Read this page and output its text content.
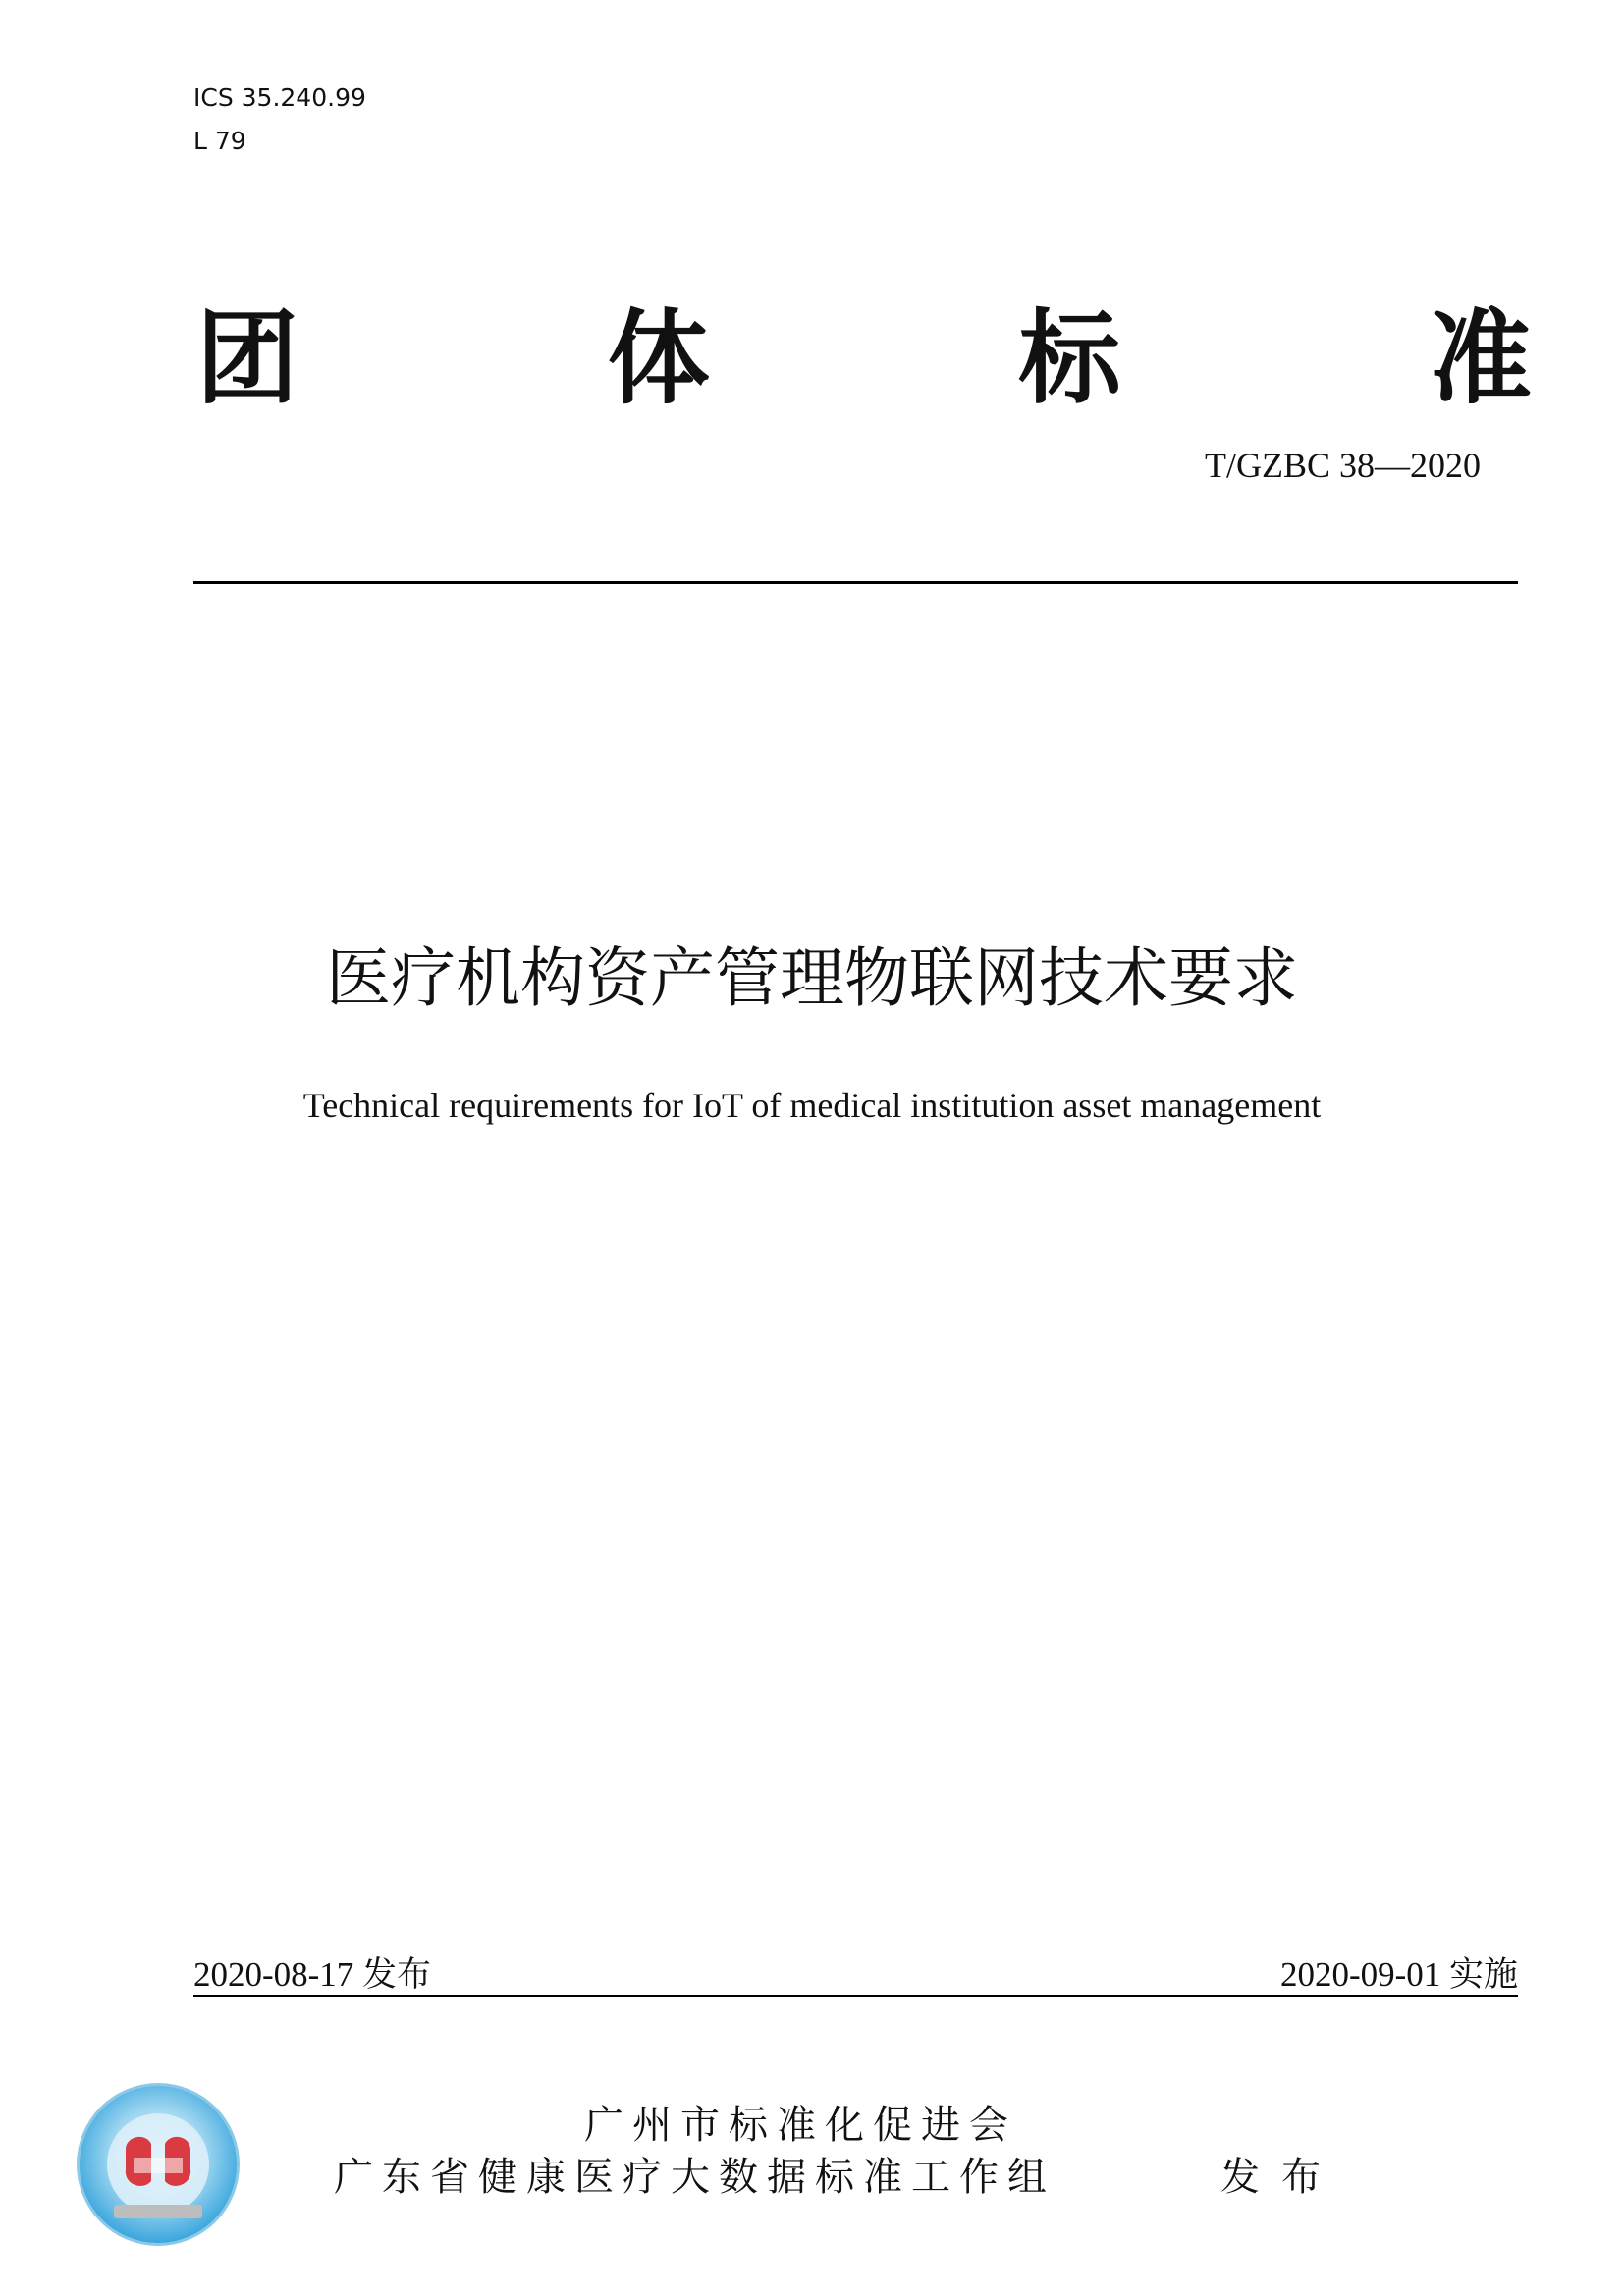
ICS 35.240.99
L 79
团	体	标	准
T/GZBC 38—2020
医疗机构资产管理物联网技术要求
Technical requirements for IoT of medical institution asset management
2020-08-17 发布	2020-09-01 实施
广州市标准化促进会
广东省健康医疗大数据标准工作组	发布
